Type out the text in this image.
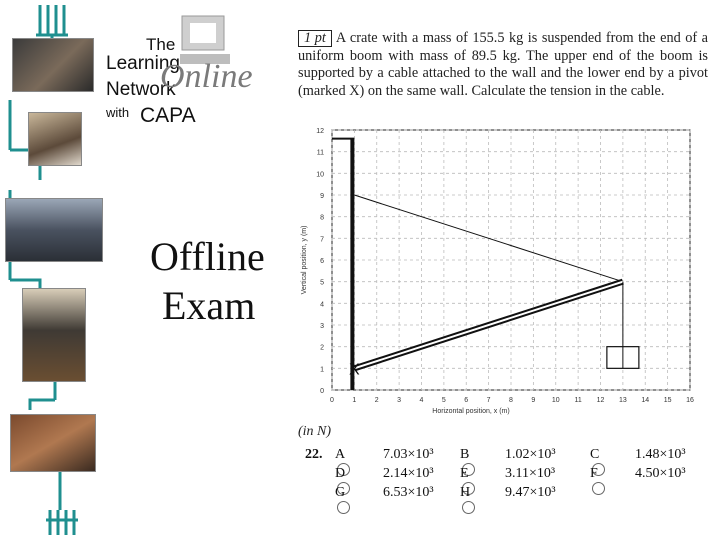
The
Learning
Network
with CAPA
Online
Offline
Exam
1 pt A crate with a mass of 155.5 kg is suspended from the end of a uniform boom with mass of 89.5 kg. The upper end of the boom is supported by a cable attached to the wall and the lower end by a pivot (marked X) on the same wall. Calculate the tension in the cable.
0	1	2	3	4	5	6	7	8	9 10 11 12 13 14 15 16
0
1
2
3
4
5
6
7
8
9
10
11
12
Horizontal position, x (m)
Vertical position, y (m)
X
(in N)
22. A	7.03×10³ B	1.02×10³ C	1.48×10³
D	2.14×10³ E	3.11×10³ F	4.50×10³
G	6.53×10³ H	9.47×10³
